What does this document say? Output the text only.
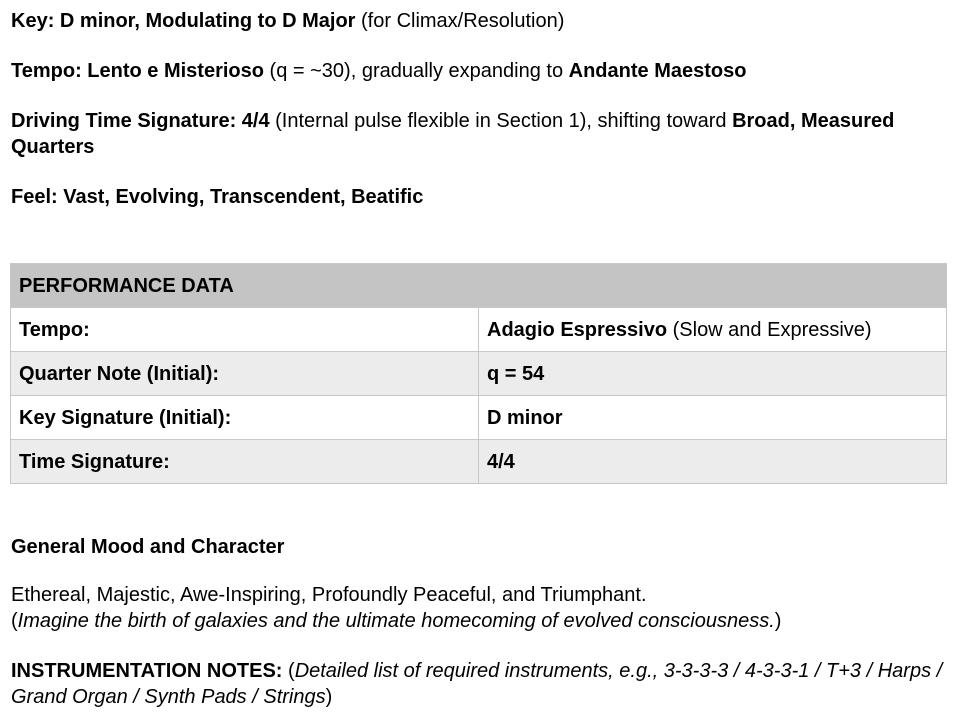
Key: D minor, Modulating to D Major (for Climax/Resolution)

Tempo: Lento e Misterioso (q = ~30), gradually expanding to Andante Maestoso

Driving Time Signature: 4/4 (Internal pulse flexible in Section 1), shifting toward Broad, Measured Quarters

Feel: Vast, Evolving, Transcendent, Beatific

PERFORMANCE DATA	
Tempo:	Adagio Espressivo (Slow and Expressive)
Quarter Note (Initial):	q = 54
Key Signature (Initial):	D minor
Time Signature:	4/4

General Mood and Character

Ethereal, Majestic, Awe-Inspiring, Profoundly Peaceful, and Triumphant.

(Imagine the birth of galaxies and the ultimate homecoming of evolved consciousness.)

INSTRUMENTATION NOTES: (Detailed list of required instruments, e.g., 3-3-3-3 / 4-3-3-1 / T+3 / Harps / Grand Organ / Synth Pads / Strings)
